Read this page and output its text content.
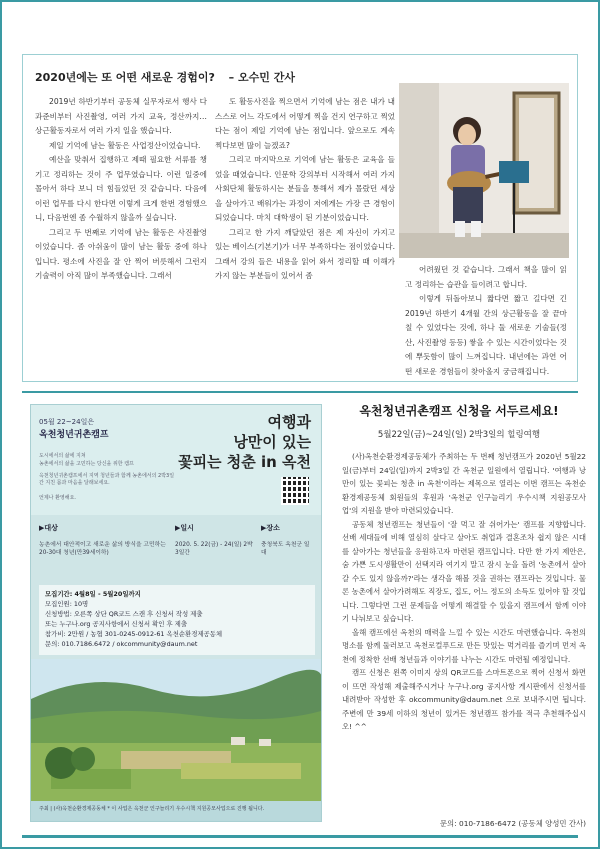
2020년에는 또 어떤 새로운 경험이? – 오수민 간사

2019년 하반기부터 공동체 실무자로서 행사 다과준비부터 사진촬영, 여러 가지 교육, 정산까지… 상근활동자로서 여러 가지 일을 했습니다.

제일 기억에 남는 활동은 사업정산이었습니다.

예산을 맞춰서 집행하고 제때 필요한 서류를 챙기고 정리하는 것이 주 업무였습니다. 이런 일중에 몰아서 하다 보니 더 힘들었던 것 같습니다. 다음에 이런 업무를 다시 한다면 이렇게 크게 한번 경험했으니, 다음번엔 좀 수월하지 않을까 싶습니다.

그리고 두 번째로 기억에 남는 활동은 사진촬영이었습니다. 좀 아쉬움이 많이 남는 활동 중에 하나입니다. 평소에 사진을 잘 안 찍어 버릇해서 그런지 기술력이 아직 많이 부족했습니다. 그래서

도 활동사진을 찍으면서 기억에 남는 점은 내가 내 스스로 어느 각도에서 어떻게 찍을 건지 연구하고 찍었다는 점이 제일 기억에 남는 점입니다. 앞으로도 계속 찍다보면 많이 늘겠죠?

그리고 마지막으로 기억에 남는 활동은 교육을 들었을 때였습니다. 인문학 강의부터 시작해서 여러 가지 사회단체 활동하시는 분들을 통해서 제가 몰랐던 세상을 살아가고 배워가는 과정이 저에게는 가장 큰 경험이 되었습니다. 마치 대학생이 된 기분이었습니다.

그리고 한 가지 깨달았던 점은 제 자신이 가지고 있는 베이스(기본기)가 너무 부족하다는 점이었습니다. 그래서 강의 들은 내용을 읽어 와서 정리할 때 이해가 가지 않는 부분들이 있어서 좀

어려웠던 것 같습니다. 그래서 책을 많이 읽고 정리하는 습관을 들이려고 합니다.

이렇게 뒤돌아보니 짧다면 짧고 길다면 긴 2019년 하반기 4개월 간의 상근활동을 잘 끝마칠 수 있었다는 것에, 하나 둘 새로운 기술들(정산, 사진촬영 등등) 쌓을 수 있는 시간이었다는 것에 뿌듯함이 많이 느껴집니다. 내년에는 과연 어떤 새로운 경험들이 찾아올지 궁금해집니다.

05월 22~24일은
옥천청년귀촌캠프
도시에서의 삶에 지쳐
농촌에서의 삶을 고민하는 당신을 위한 캠프
옥천청년귀촌캠프에서 지역 청년들과 함께 농촌에서의 2박3일 간 지친 몸과 마음을 달래보세요.
언제나 환영해요.
여행과
낭만이 있는
꽃피는 청춘 in 옥천
▶대상
농촌에서 대안적이고 새로운 삶의 방식을 고민하는 20-30대 청년(만39세이하)
▶일시
2020. 5. 22(금) - 24(일) 2박3일간
▶장소
충청북도 옥천군 일대
모집기간: 4월8일 - 5월20일까지
모집인원: 10명
신청방법: 오른쪽 상단 QR코드 스캔 후 신청서 작성 제출
또는 누구나.org 공지사항에서 신청서 확인 후 제출
참가비: 2만원 / 농협 301-0245-0912-61 옥천순환경제공동체
문의: 010.7186.6472 / okcommunity@daum.net
주최 | (사)옥천순환경제공동체 * 이 사업은 옥천군 인구늘리기 우수시책 지원공모사업으로 진행 됩니다.
옥천청년귀촌캠프 신청을 서두르세요!
5월22일(금)~24일(일) 2박3일의 힐링여행

(사)옥천순환경제공동체가 주최하는 두 번째 청년캠프가 2020년 5월22일(금)부터 24일(일)까지 2박3일 간 옥천군 일원에서 열립니다. '여행과 낭만이 있는 꽃피는 청춘 in 옥천'이라는 제목으로 열리는 이번 캠프는 옥천순환경제공동체 회원들의 후원과 '옥천군 인구늘리기 우수시책 지원공모사업'의 지원을 받아 마련되었습니다.

공동체 청년캠프는 청년들이 '잘 먹고 잘 쉬어가는' 캠프를 지향합니다. 선배 세대들에 비해 열심히 살다고 살아도 취업과 결혼조차 쉽지 않은 시대를 살아가는 청년들을 응원하고자 마련된 캠프입니다. 다만 한 가지 제안은, 숨 가쁜 도시생활만이 선택지라 여기지 말고 잠시 눈을 돌려 '농촌에서 살아갈 수도 있지 않을까?'라는 생각을 해볼 것을 권하는 캠프라는 것입니다. 물론 농촌에서 살아가려해도 직장도, 집도, 어느 정도의 소득도 있어야 할 것입니다. 그렇다면 그런 문제들을 어떻게 해결할 수 있을지 캠프에서 함께 이야기 나눠보고 싶습니다.

올해 캠프에선 옥천의 매력을 느낄 수 있는 시간도 마련했습니다. 옥천의 명소를 함께 둘러보고 옥천로컬푸드로 만든 맛있는 먹거리를 즐기며 먼저 옥천에 정착한 선배 청년들과 이야기를 나누는 시간도 마련될 예정입니다.

캠프 신청은 왼쪽 이미지 상의 QR코드를 스마트폰으로 찍어 신청서 화면이 뜨면 작성해 제출해주시거나 누구나.org 공지사항 게시판에서 신청서를 내려받아 작성한 후 okcommunity@daum.net 으로 보내주시면 됩니다. 주변에 만 39세 이하의 청년이 있거든 청년캠프 참가를 적극 추천해주십시오! ^^

문의: 010-7186-6472 (공동체 양성민 간사)
